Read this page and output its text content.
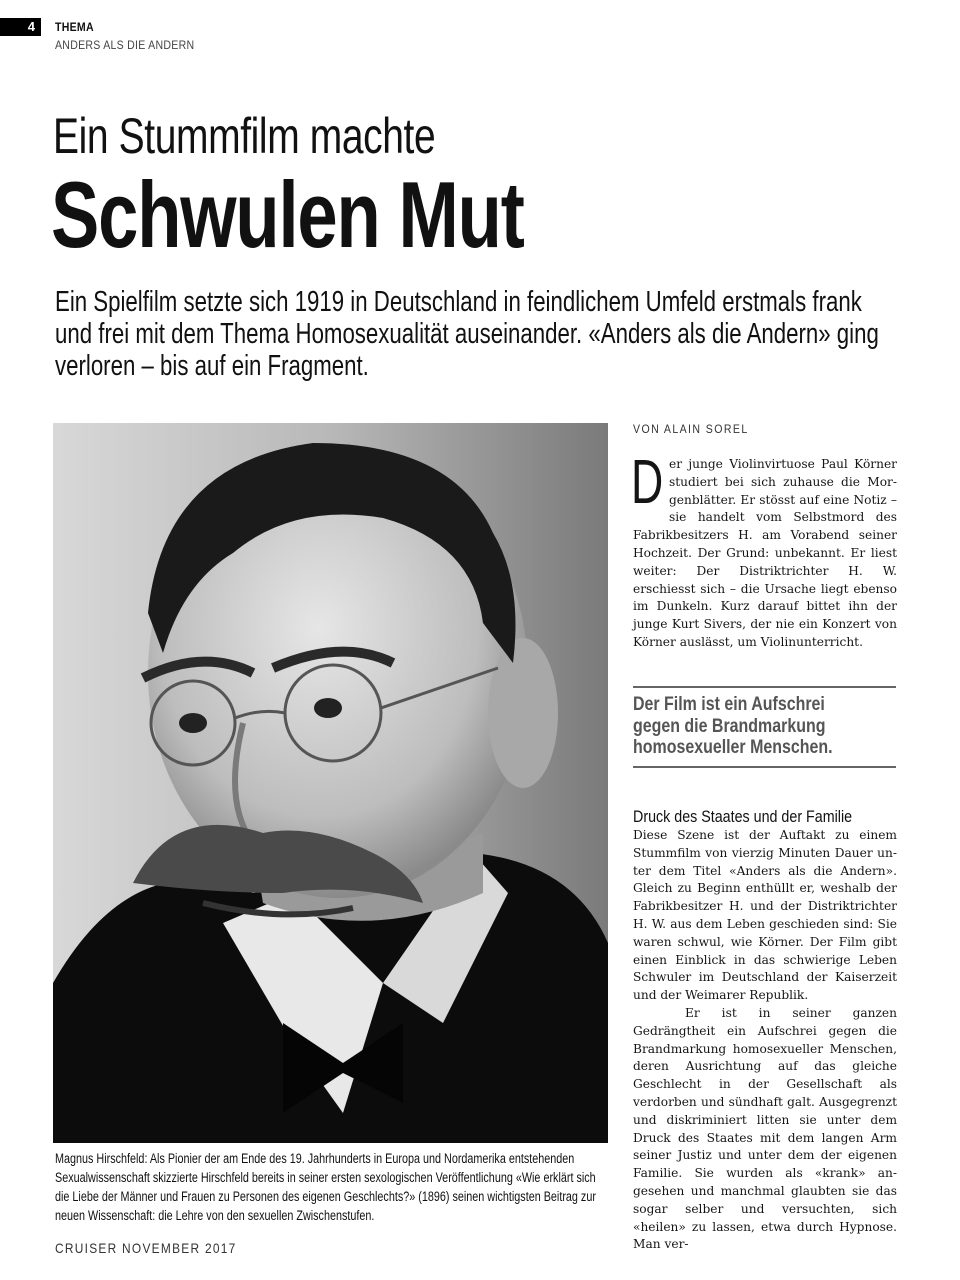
4	THEMA
ANDERS ALS DIE ANDERN
Ein Stummfilm machte
Schwulen Mut
Ein Spielfilm setzte sich 1919 in Deutschland in feindlichem Umfeld erstmals frank und frei mit dem Thema Homosexualität auseinander. «Anders als die Andern» ging verloren – bis auf ein Fragment.
Magnus Hirschfeld: Als Pionier der am Ende des 19. Jahrhunderts in Europa und Nordamerika entstehenden Sexualwissenschaft skizzierte Hirschfeld bereits in seiner ersten sexologischen Veröffentlichung «Wie erklärt sich die Liebe der Männer und Frauen zu Personen des eigenen Geschlechts?» (1896) seinen wichtigsten Beitrag zur neuen Wissenschaft: die Lehre von den sexuellen Zwischenstufen.
CRUISER NOVEMBER 2017
VON ALAIN SOREL
Der junge Violinvirtuose Paul Körner studiert bei sich zuhause die Morgenblätter. Er stösst auf eine Notiz – sie handelt vom Selbstmord des Fabrikbesitzers H. am Vorabend seiner Hochzeit. Der Grund: unbekannt. Er liest weiter: Der Distriktrichter H. W. erschiesst sich – die Ursache liegt ebenso im Dunkeln. Kurz darauf bittet ihn der junge Kurt Sivers, der nie ein Konzert von Körner auslässt, um Violinunterricht.
Der Film ist ein Aufschrei
gegen die Brandmarkung
homosexueller Menschen.
Druck des Staates und der Familie

Diese Szene ist der Auftakt zu einem Stummfilm von vierzig Minuten Dauer unter dem Titel «Anders als die Andern». Gleich zu Beginn enthüllt er, weshalb der Fabrikbesitzer H. und der Distriktrichter H. W. aus dem Leben geschieden sind: Sie waren schwul, wie Körner. Der Film gibt einen Einblick in das schwierige Leben Schwuler im Deutschland der Kaiserzeit und der Weimarer Republik.

Er ist in seiner ganzen Gedrängtheit ein Aufschrei gegen die Brandmarkung homosexueller Menschen, deren Ausrichtung auf das gleiche Geschlecht in der Gesellschaft als verdorben und sündhaft galt. Ausgegrenzt und diskriminiert litten sie unter dem Druck des Staates mit dem langen Arm seiner Justiz und unter dem der eigenen Familie. Sie wurden als «krank» angesehen und manchmal glaubten sie das sogar selber und versuchten, sich «heilen» zu lassen, etwa durch Hypnose. Man ver-
